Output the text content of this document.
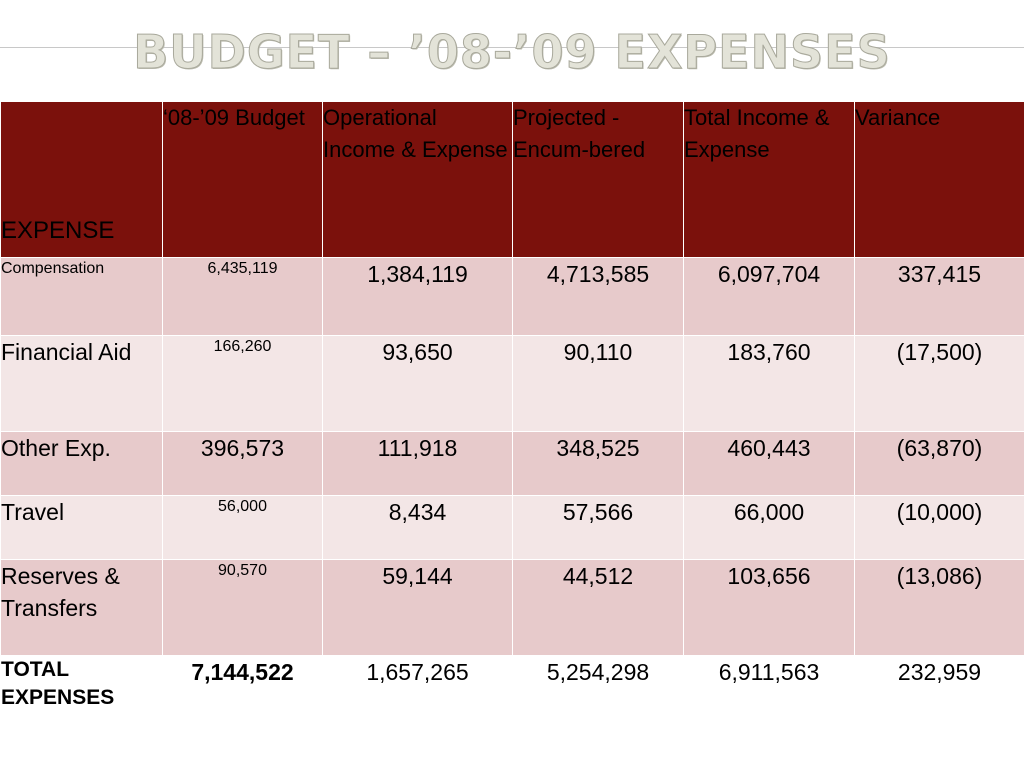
BUDGET – ’08-’09 EXPENSES
EXPENSE	‘08-’09 Budget	Operational Income & Expense	Projected - Encum-bered	Total Income & Expense	Variance
Compensation	6,435,119	1,384,119	4,713,585	6,097,704	337,415
Financial Aid	166,260	93,650	90,110	183,760	(17,500)
Other Exp.	396,573	111,918	348,525	460,443	(63,870)
Travel	56,000	8,434	57,566	66,000	(10,000)
Reserves & Transfers	90,570	59,144	44,512	103,656	(13,086)
TOTAL EXPENSES	7,144,522	1,657,265	5,254,298	6,911,563	232,959
